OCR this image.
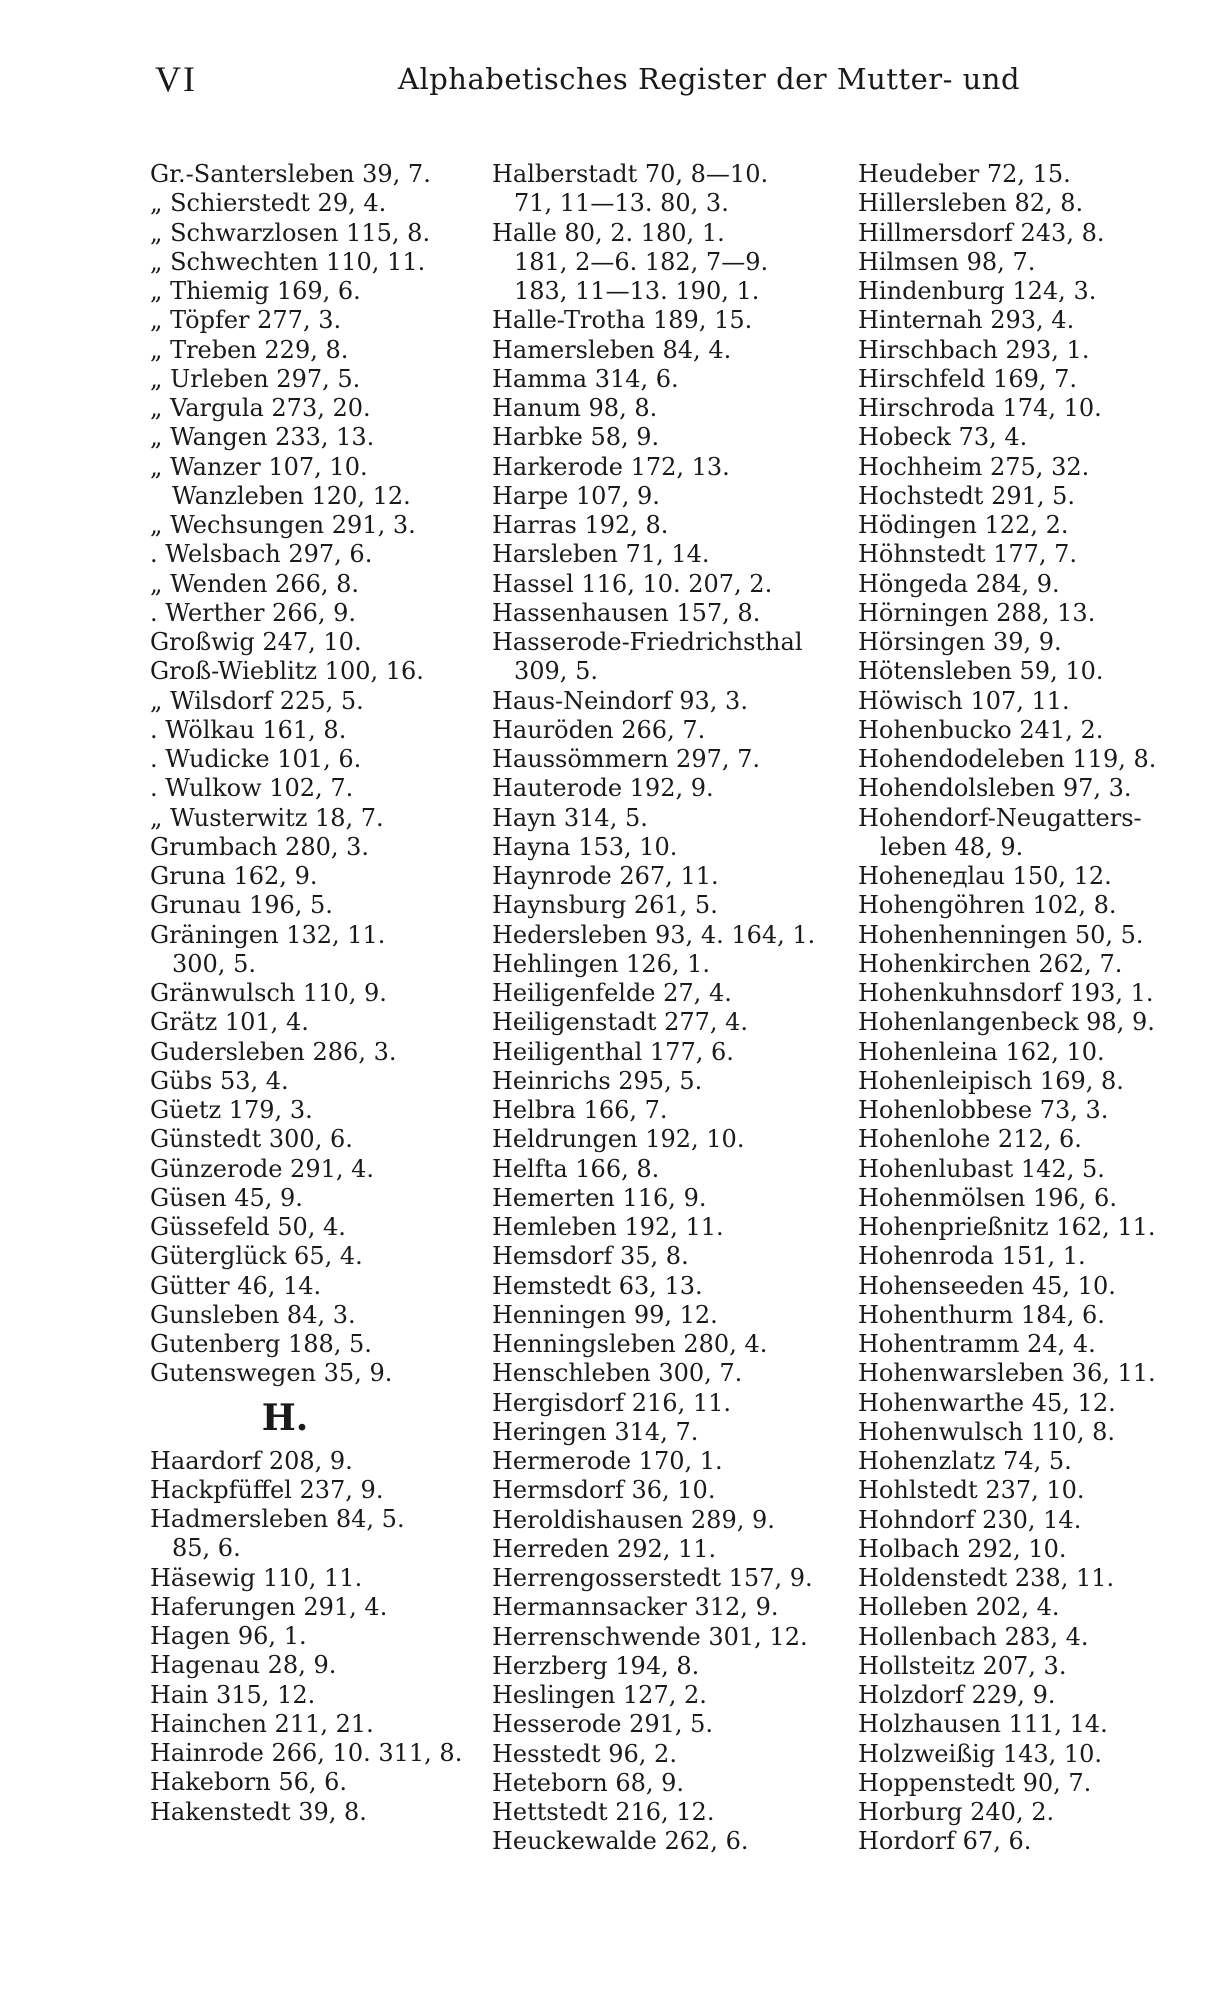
VI	Alphabetisches Register der Mutter- und
Gr.-Santersleben 39, 7.
„ Schierstedt 29, 4.
„ Schwarzlosen 115, 8.
„ Schwechten 110, 11.
„ Thiemig 169, 6.
„ Töpfer 277, 3.
„ Treben 229, 8.
„ Urleben 297, 5.
„ Vargula 273, 20.
„ Wangen 233, 13.
„ Wanzer 107, 10.
Wanzleben 120, 12.
„ Wechsungen 291, 3.
. Welsbach 297, 6.
„ Wenden 266, 8.
. Werther 266, 9.
Großwig 247, 10.
Groß-Wieblitz 100, 16.
„ Wilsdorf 225, 5.
. Wölkau 161, 8.
. Wudicke 101, 6.
. Wulkow 102, 7.
„ Wusterwitz 18, 7.
Grumbach 280, 3.
Gruna 162, 9.
Grunau 196, 5.
Gräningen 132, 11.
300, 5.
Gränwulsch 110, 9.
Grätz 101, 4.
Gudersleben 286, 3.
Gübs 53, 4.
Güetz 179, 3.
Günstedt 300, 6.
Günzerode 291, 4.
Güsen 45, 9.
Güssefeld 50, 4.
Güterglück 65, 4.
Gütter 46, 14.
Gunsleben 84, 3.
Gutenberg 188, 5.
Gutenswegen 35, 9.
H.
Haardorf 208, 9.
Hackpfüffel 237, 9.
Hadmersleben 84, 5.
85, 6.
Häsewig 110, 11.
Haferungen 291, 4.
Hagen 96, 1.
Hagenau 28, 9.
Hain 315, 12.
Hainchen 211, 21.
Hainrode 266, 10. 311, 8.
Hakeborn 56, 6.
Hakenstedt 39, 8.
Halberstadt 70, 8—10.
71, 11—13. 80, 3.
Halle 80, 2. 180, 1.
181, 2—6. 182, 7—9.
183, 11—13. 190, 1.
Halle-Trotha 189, 15.
Hamersleben 84, 4.
Hamma 314, 6.
Hanum 98, 8.
Harbke 58, 9.
Harkerode 172, 13.
Harpe 107, 9.
Harras 192, 8.
Harsleben 71, 14.
Hassel 116, 10. 207, 2.
Hassenhausen 157, 8.
Hasserode-Friedrichsthal
309, 5.
Haus-Neindorf 93, 3.
Hauröden 266, 7.
Haussömmern 297, 7.
Hauterode 192, 9.
Hayn 314, 5.
Hayna 153, 10.
Haynrode 267, 11.
Haynsburg 261, 5.
Hedersleben 93, 4. 164, 1.
Hehlingen 126, 1.
Heiligenfelde 27, 4.
Heiligenstadt 277, 4.
Heiligenthal 177, 6.
Heinrichs 295, 5.
Helbra 166, 7.
Heldrungen 192, 10.
Helfta 166, 8.
Hemerten 116, 9.
Hemleben 192, 11.
Hemsdorf 35, 8.
Hemstedt 63, 13.
Henningen 99, 12.
Henningsleben 280, 4.
Henschleben 300, 7.
Hergisdorf 216, 11.
Heringen 314, 7.
Hermerode 170, 1.
Hermsdorf 36, 10.
Heroldishausen 289, 9.
Herreden 292, 11.
Herrengosserstedt 157, 9.
Hermannsacker 312, 9.
Herrenschwende 301, 12.
Herzberg 194, 8.
Heslingen 127, 2.
Hesserode 291, 5.
Hesstedt 96, 2.
Heteborn 68, 9.
Hettstedt 216, 12.
Heuckewalde 262, 6.
Heudeber 72, 15.
Hillersleben 82, 8.
Hillmersdorf 243, 8.
Hilmsen 98, 7.
Hindenburg 124, 3.
Hinternah 293, 4.
Hirschbach 293, 1.
Hirschfeld 169, 7.
Hirschroda 174, 10.
Hobeck 73, 4.
Hochheim 275, 32.
Hochstedt 291, 5.
Hödingen 122, 2.
Höhnstedt 177, 7.
Höngeda 284, 9.
Hörningen 288, 13.
Hörsingen 39, 9.
Hötensleben 59, 10.
Höwisch 107, 11.
Hohenbucko 241, 2.
Hohendodeleben 119, 8.
Hohendolsleben 97, 3.
Hohendorf-Neugatters-
leben 48, 9.
Hoheneдlau 150, 12.
Hohengöhren 102, 8.
Hohenhenningen 50, 5.
Hohenkirchen 262, 7.
Hohenkuhnsdorf 193, 1.
Hohenlangenbeck 98, 9.
Hohenleina 162, 10.
Hohenleipisch 169, 8.
Hohenlobbese 73, 3.
Hohenlohe 212, 6.
Hohenlubast 142, 5.
Hohenmölsen 196, 6.
Hohenprießnitz 162, 11.
Hohenroda 151, 1.
Hohenseeden 45, 10.
Hohenthurm 184, 6.
Hohentramm 24, 4.
Hohenwarsleben 36, 11.
Hohenwarthe 45, 12.
Hohenwulsch 110, 8.
Hohenzlatz 74, 5.
Hohlstedt 237, 10.
Hohndorf 230, 14.
Holbach 292, 10.
Holdenstedt 238, 11.
Holleben 202, 4.
Hollenbach 283, 4.
Hollsteitz 207, 3.
Holzdorf 229, 9.
Holzhausen 111, 14.
Holzweißig 143, 10.
Hoppenstedt 90, 7.
Horburg 240, 2.
Hordorf 67, 6.
